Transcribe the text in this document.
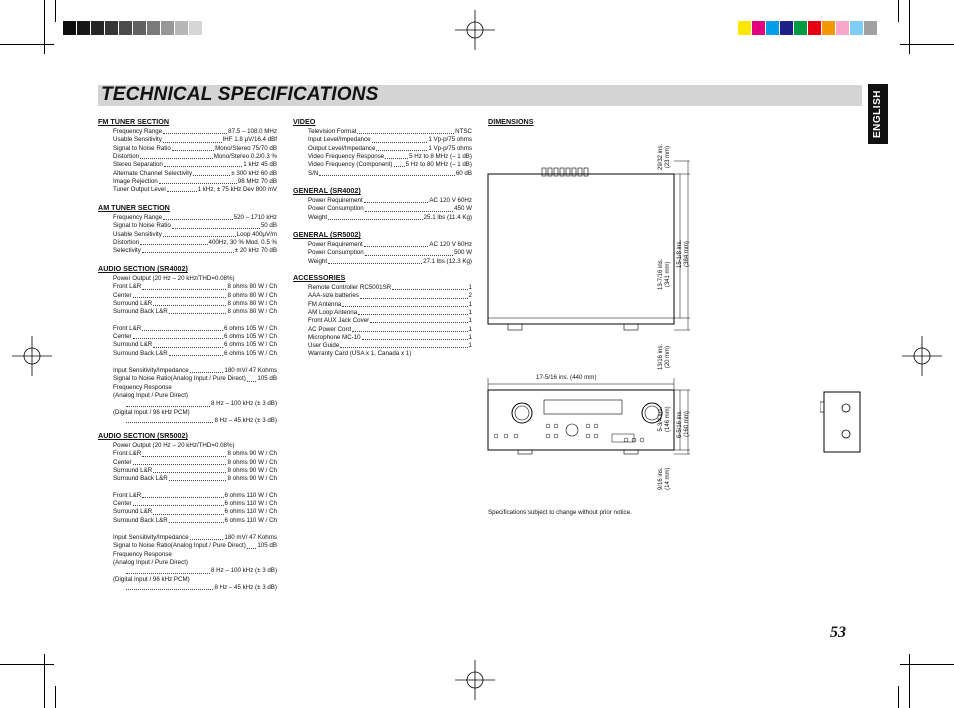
TECHNICAL SPECIFICATIONS	ENGLISH
DIMENSIONS
29/32 ins. (23 mm)
13-7/16 ins. (341 mm)
15-1/8 ins. (384 mm)
13/16 ins. (20 mm)
17-5/16 ins. (440 mm)
5-3/4 ins. (146 mm) 6-5/16 ins. (160 mm)
9/16 ins. (14 mm)
Specifications subject to change without prior notice.
53
FM TUNER SECTION
Frequency Range	87.5 – 108.0 MHz
Usable Sensitivity	IHF 1.8 μV/16.4 dBf
Signal to Noise Ratio	Mono/Stereo 75/70 dB
Distortion	Mono/Stereo 0.2/0.3 %
Stereo Separation	1 kHz 45 dB
Alternate Channel Selectivity	± 300 kHz 60 dB
Image Rejection	98 MHz 70 dB
Tuner Output Level	1 kHz, ± 75 kHz Dev 800 mV
AM TUNER SECTION
Frequency Range	520 – 1710 kHz
Signal to Noise Ratio	50 dB
Usable Sensitivity	Loop 400μV/m
Distortion	400Hz, 30 % Mod. 0.5 %
Selectivity	± 20 kHz 70 dB
AUDIO SECTION (SR4002)
Power Output (20 Hz – 20 kHz/THD=0.08%)
Front L&R	8 ohms 80 W / Ch
Center	8 ohms 80 W / Ch
Surround L&R	8 ohms 80 W / Ch
Surround Back L&R	8 ohms 80 W / Ch
Front L&R	6 ohms 105 W / Ch
Center	6 ohms 105 W / Ch
Surround L&R	6 ohms 105 W / Ch
Surround Back L&R	6 ohms 105 W / Ch
Input Sensitivity/Impedance	180 mV/ 47 Kohms
Signal to Noise Ratio(Analog Input / Pure Direct) 105 dB
Frequency Response
(Analog Input / Pure Direct)
8 Hz – 100 kHz (± 3 dB)
(Digital Input / 96 kHz PCM)
8 Hz – 45 kHz (± 3 dB)
AUDIO SECTION (SR5002)
Power Output (20 Hz – 20 kHz/THD=0.08%)
Front L&R	8 ohms 90 W / Ch
Center	8 ohms 90 W / Ch
Surround L&R	8 ohms 90 W / Ch
Surround Back L&R	8 ohms 90 W / Ch
Front L&R	6 ohms 110 W / Ch
Center	6 ohms 110 W / Ch
Surround L&R	6 ohms 110 W / Ch
Surround Back L&R	6 ohms 110 W / Ch
Input Sensitivity/Impedance	180 mV/ 47 Kohms
Signal to Noise Ratio(Analog Input / Pure Direct) 105 dB
Frequency Response
(Analog Input / Pure Direct)
8 Hz – 100 kHz (± 3 dB)
(Digital Input / 96 kHz PCM)
8 Hz – 45 kHz (± 3 dB)
VIDEO
Television Format	NTSC
Input Level/Impedance	1 Vp-p/75 ohms
Output Level/Impedance	1 Vp-p/75 ohms
Video Frequency Response	5 Hz to 8 MHz (– 1 dB)
Video Frequency (Component) 5 Hz to 80 MHz (– 1 dB)
S/N	60 dB
GENERAL (SR4002)
Power Requirement	AC 120 V 60Hz
Power Consumption	450 W
Weight	25.1 lbs (11.4 Kg)
GENERAL (SR5002)
Power Requirement	AC 120 V 60Hz
Power Consumption	500 W
Weight	27.1 lbs (12.3 Kg)
ACCESSORIES
Remote Controller RC5001SR	1
AAA-size batteries	2
FM Antenna	1
AM Loop Antenna	1
Front AUX Jack Cover	1
AC Power Cord	1
Microphone MC-10	1
User Guide	1
Warranty Card (USA x 1, Canada x 1)
